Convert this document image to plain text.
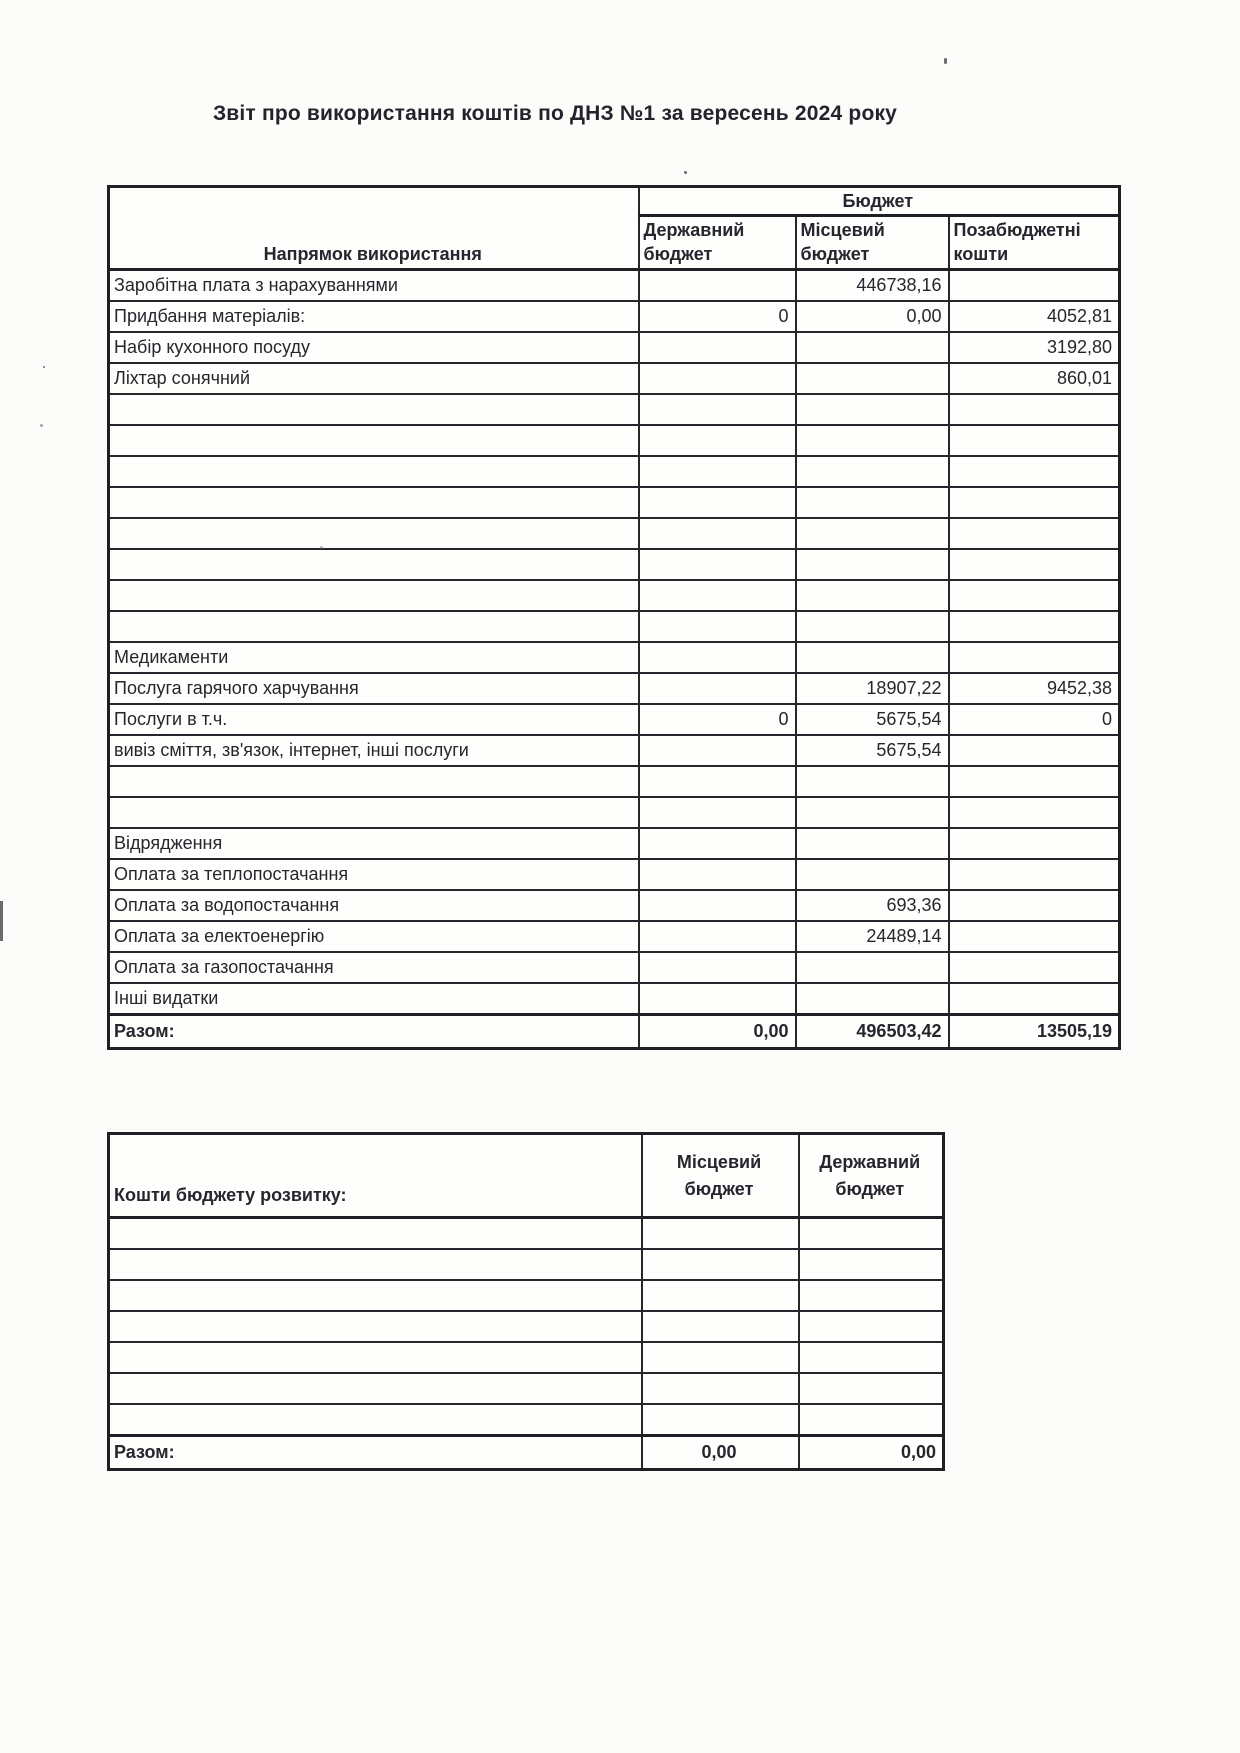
Звіт про використання коштів по ДНЗ №1 за вересень 2024 року
Напрямок використання	Бюджет		
	Державний бюджет	Місцевий бюджет	Позабюджетні кошти
Заробітна плата з нарахуваннями		446738,16	
Придбання матеріалів:	0	0,00	4052,81
Набір кухонного посуду			3192,80
Ліхтар сонячний			860,01

Медикаменти			
Послуга гарячого харчування		18907,22	9452,38
Послуги в т.ч.	0	5675,54	0
вивіз сміття, зв'язок, інтернет, інші послуги		5675,54	

Відрядження			
Оплата за теплопостачання			
Оплата за водопостачання		693,36	
Оплата за електоенергію		24489,14	
Оплата за газопостачання			
Інші видатки			
Разом:	0,00	496503,42	13505,19
Кошти бюджету розвитку:	Місцевий бюджет	Державний бюджет

Разом:	0,00	0,00
